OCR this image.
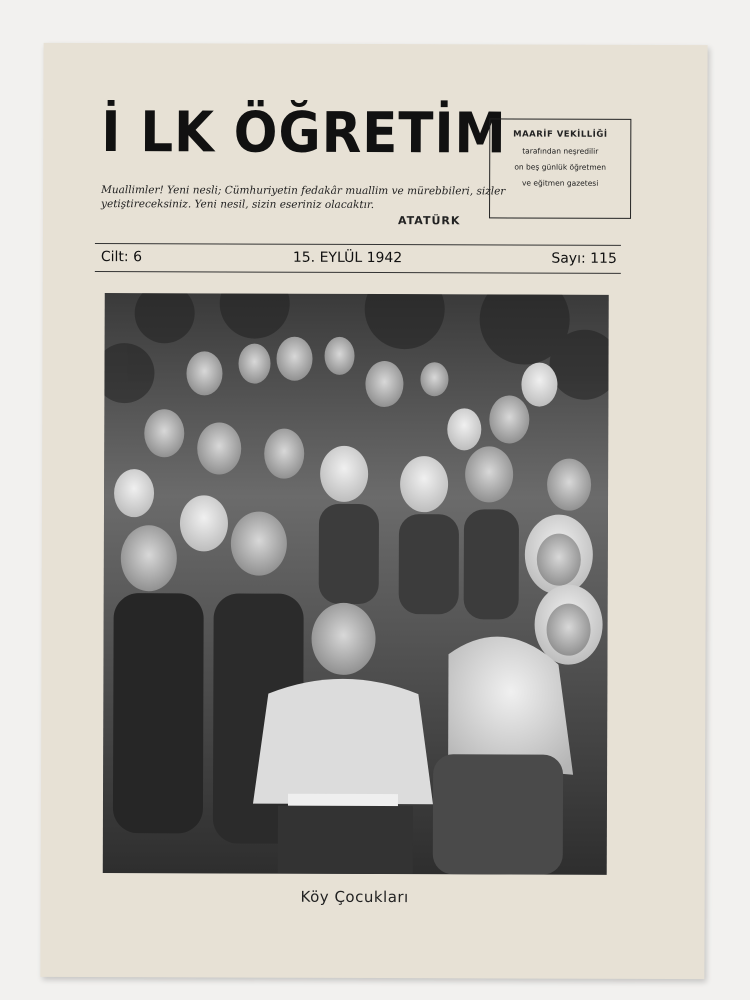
İ LK ÖĞRETİM

Muallimler! Yeni nesli; Cümhuriyetin fedakâr muallim ve mürebbileri, sizler yetiştireceksiniz. Yeni nesil, sizin eseriniz olacaktır.

ATATÜRK
MAARİF VEKİLLİĞİ
tarafından neşredilir
on beş günlük öğretmen
ve eğitmen gazetesi
Cilt: 6	15. EYLÜL 1942	Sayı: 115
Köy Çocukları
